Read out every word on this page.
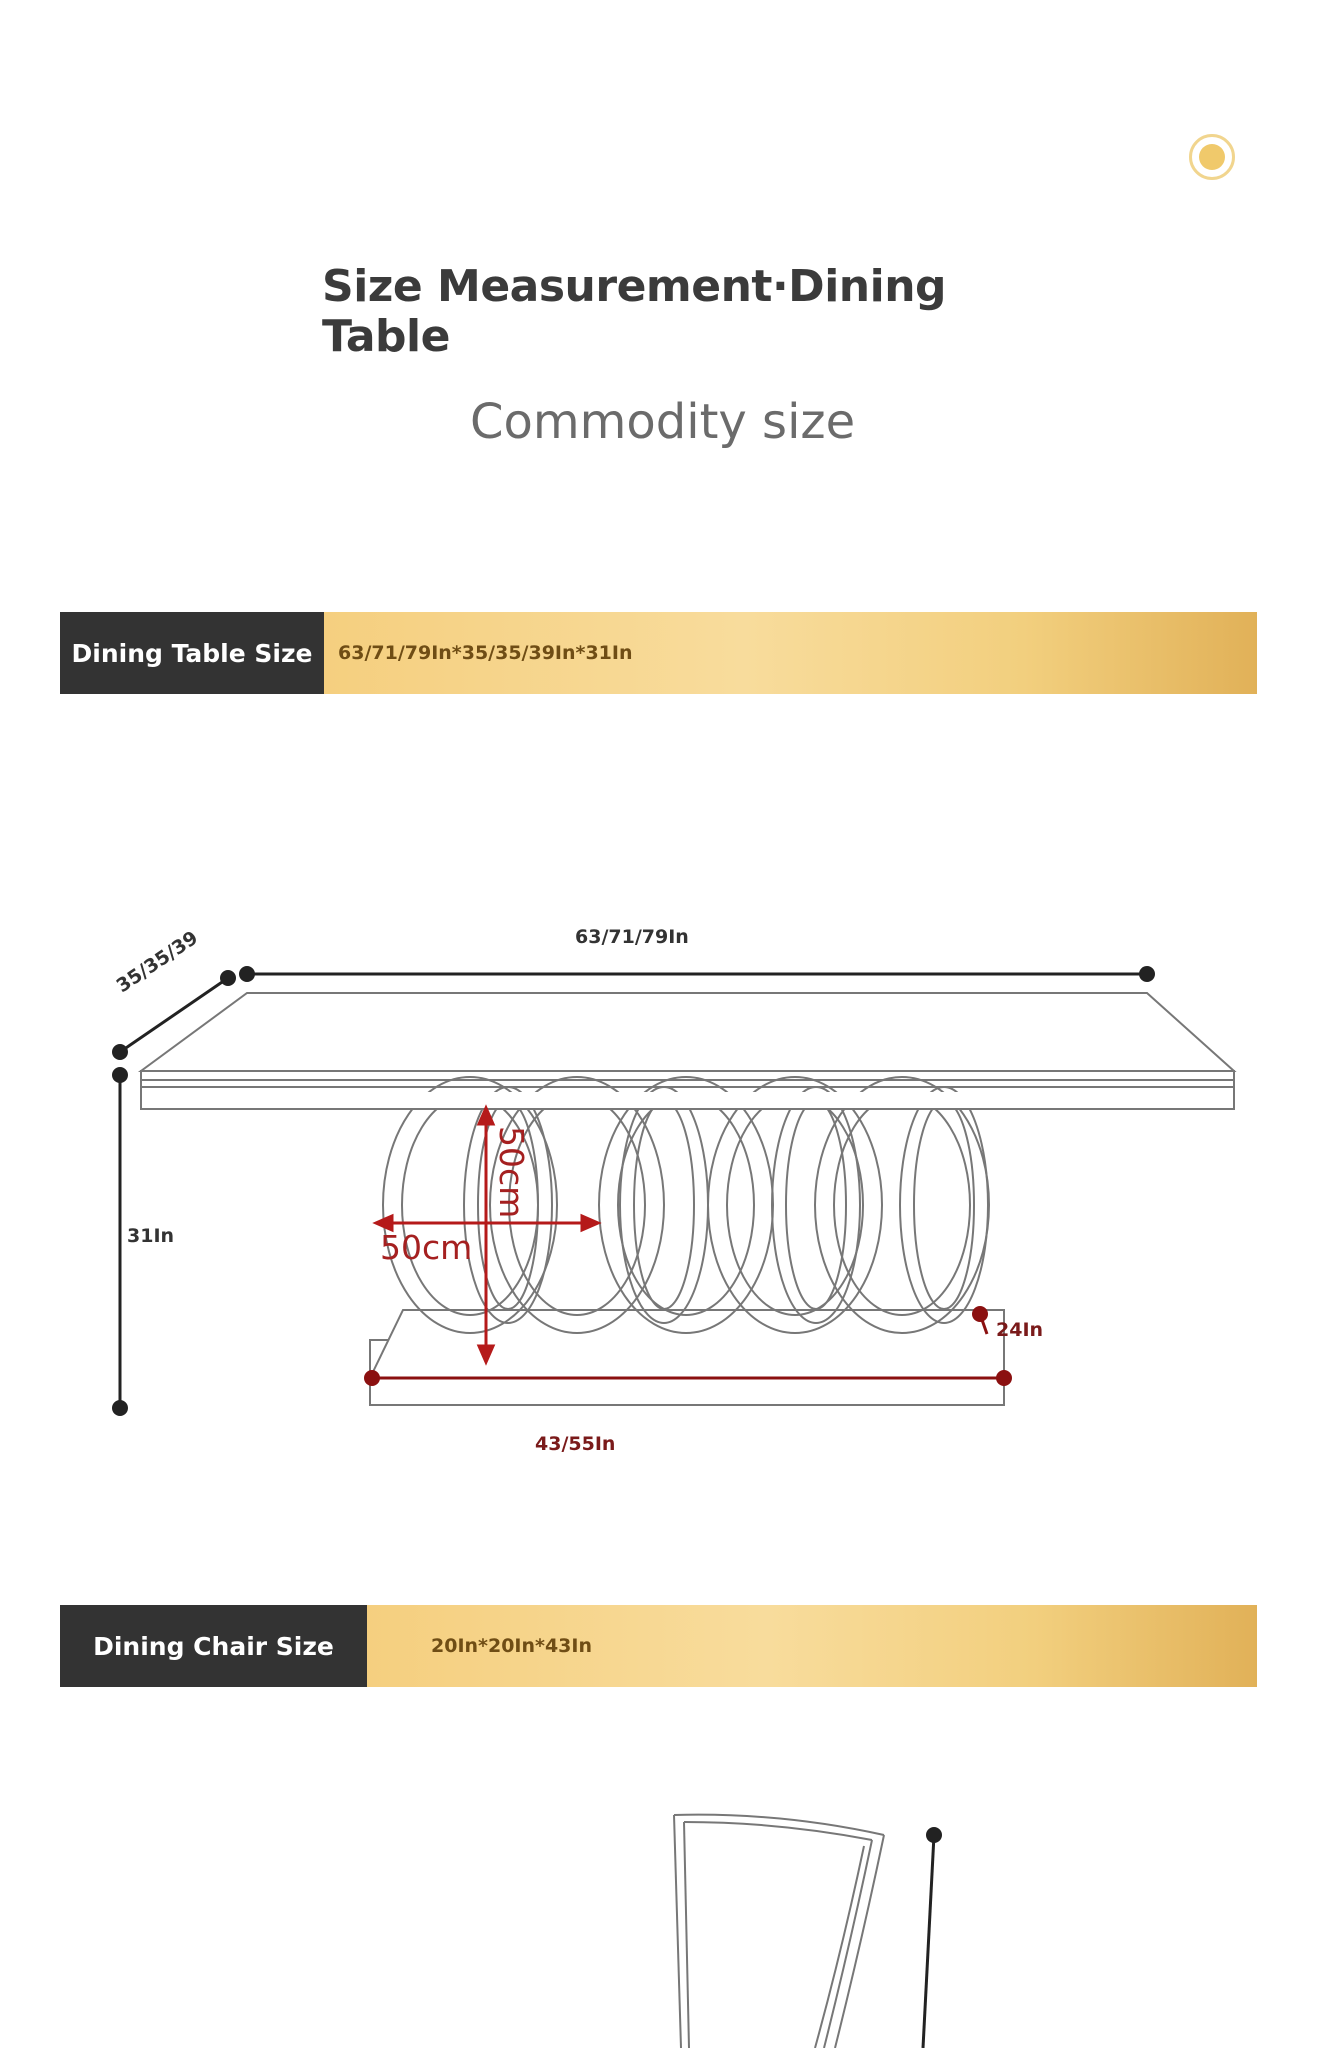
Size Measurement·Dining Table
Commodity size
Dining Table Size	63/71/79In*35/35/39In*31In
63/71/79In
35/35/39
31In
43/55In
24In
50cm
50cm
Dining Chair Size	20In*20In*43In
